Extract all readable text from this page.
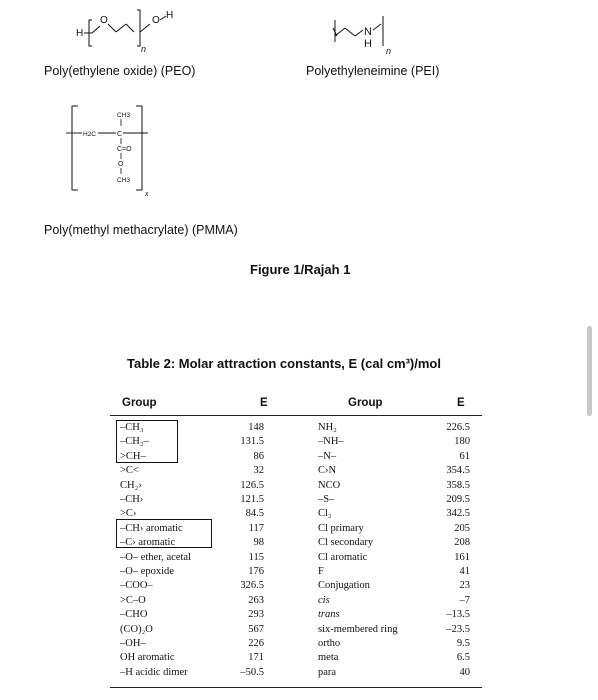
H
O
n
O H
Poly(ethylene oxide) (PEO)
N
H
n
Polyethyleneimine (PEI)
x
CH3
H2C	C
C=O
O
CH3
Poly(methyl methacrylate) (PMMA)
Figure 1/Rajah 1
Table 2: Molar attraction constants, E (cal cm³)/mol
Group	E	Group	E
–CH₃	148	NH₂	226.5
–CH₂–	131.5	–NH–	180
>CH–	86	–N–	61
>C<	32	C›N	354.5
CH₂›	126.5	NCO	358.5
–CH›	121.5	–S–	209.5
>C›	84.5	Cl₂	342.5
–CH› aromatic	117	Cl primary	205
–C› aromatic	98	Cl secondary	208
–O– ether, acetal	115	Cl aromatic	161
–O– epoxide	176	F	41
–COO–	326.5	Conjugation	23
>C–O	263	cis	–7
–CHO	293	trans	–13.5
(CO)₂O	567	six-membered ring	–23.5
–OH–	226	ortho	9.5
OH aromatic	171	meta	6.5
–H acidic dimer	–50.5	para	40
